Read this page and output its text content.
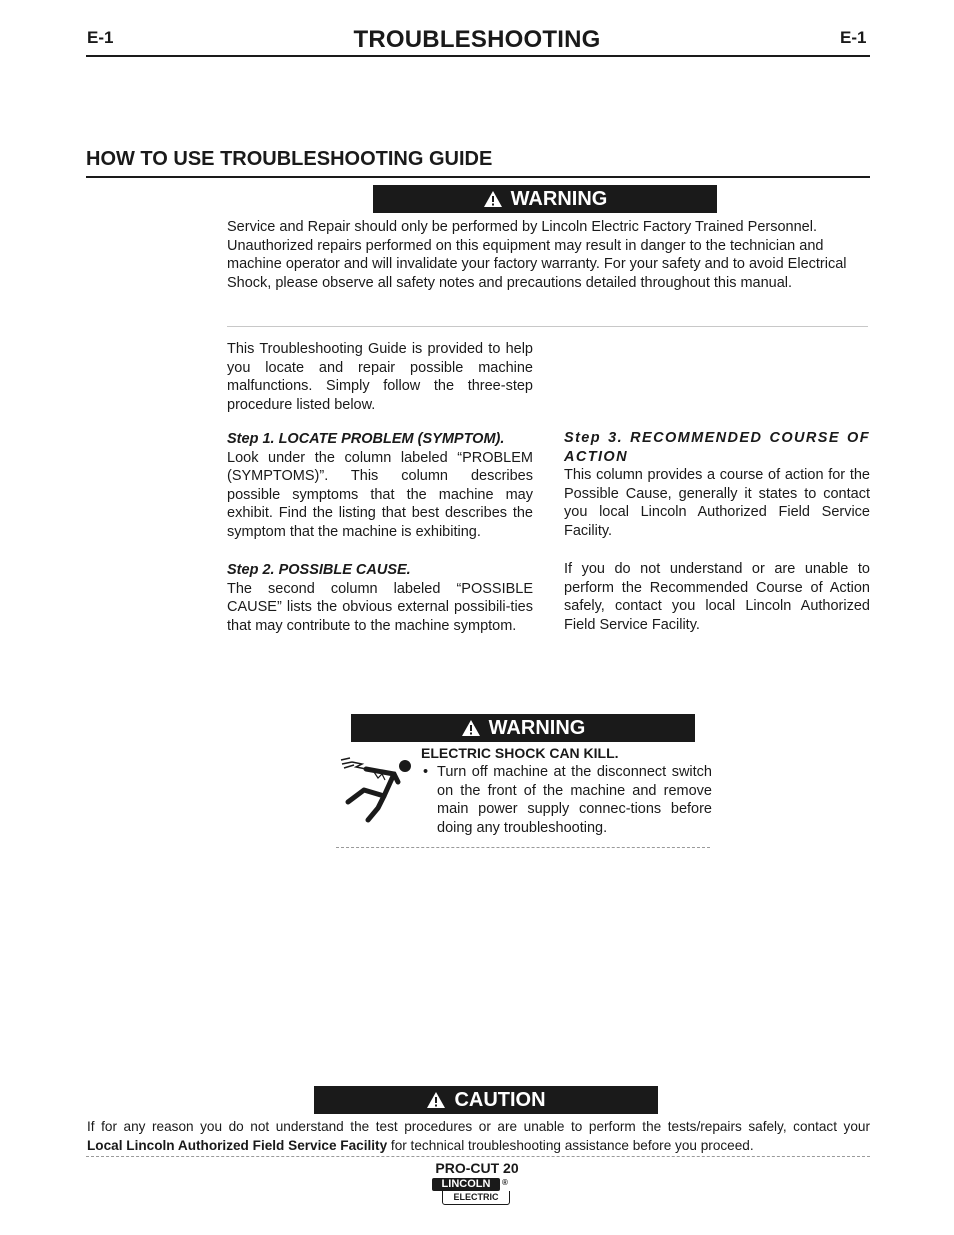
E-1	TROUBLESHOOTING	E-1
HOW TO USE TROUBLESHOOTING GUIDE
WARNING
Service and Repair should only be performed by Lincoln Electric Factory Trained Personnel. Unauthorized repairs performed on this equipment may result in danger to the technician and machine operator and will invalidate your factory warranty. For your safety and to avoid Electrical Shock, please observe all safety notes and precautions detailed throughout this manual.
This Troubleshooting Guide is provided to help you locate and repair possible machine malfunctions. Simply follow the three-step procedure listed below.
Step 1. LOCATE PROBLEM (SYMPTOM).
Look under the column labeled “PROBLEM (SYMPTOMS)”. This column describes possible symptoms that the machine may exhibit. Find the listing that best describes the symptom that the machine is exhibiting.
Step 2. POSSIBLE CAUSE.
The second column labeled “POSSIBLE CAUSE” lists the obvious external possibili-ties that may contribute to the machine symptom.
Step 3. RECOMMENDED COURSE OF ACTION
This column provides a course of action for the Possible Cause, generally it states to contact you local Lincoln Authorized Field Service Facility.
If you do not understand or are unable to perform the Recommended Course of Action safely, contact you local Lincoln Authorized Field Service Facility.
WARNING
ELECTRIC SHOCK CAN KILL.
• Turn off machine at the disconnect switch on the front of the machine and remove main power supply connec-tions before doing any troubleshooting.
CAUTION
If for any reason you do not understand the test procedures or are unable to perform the tests/repairs safely, contact your
Local Lincoln Authorized Field Service Facility for technical troubleshooting assistance before you proceed.
PRO-CUT 20
LINCOLN	®
ELECTRIC
